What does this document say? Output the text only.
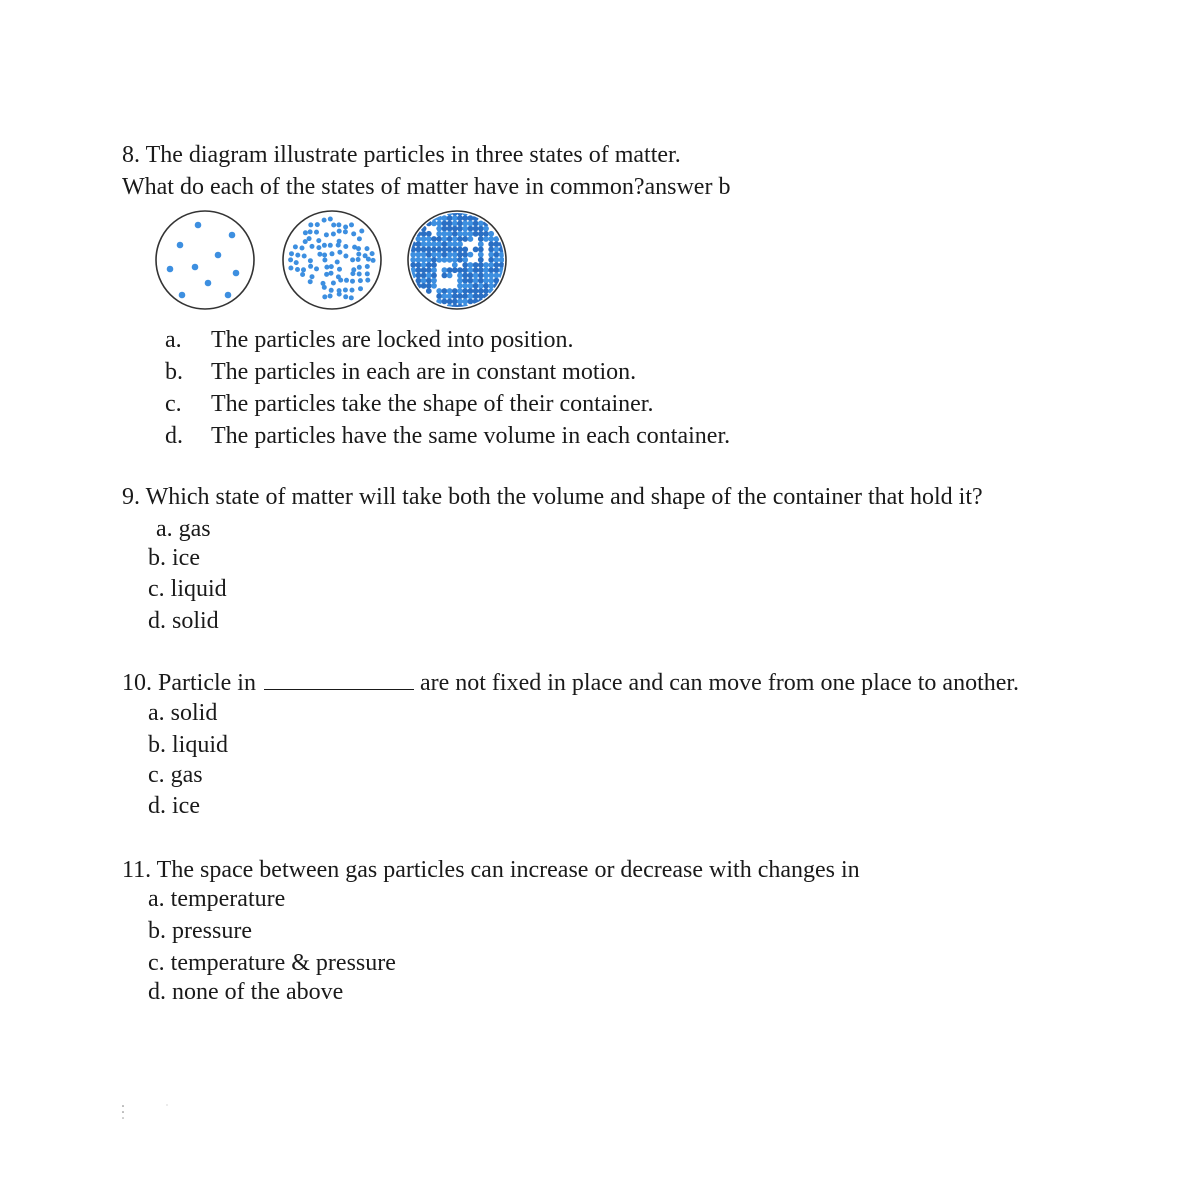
8. The diagram illustrate particles in three states of matter.
What do each of the states of matter have in common?answer b
a. The particles are locked into position.
b. The particles in each are in constant motion.
c. The particles take the shape of their container.
d. The particles have the same volume in each container.
9. Which state of matter will take both the volume and shape of the container that hold it?
a. gas
b. ice
c. liquid
d. solid
10. Particle in	are not fixed in place and can move from one place to another.
a. solid
b. liquid
c. gas
d. ice
11. The space between gas particles can increase or decrease with changes in
a. temperature
b. pressure
c. temperature & pressure
d. none of the above
